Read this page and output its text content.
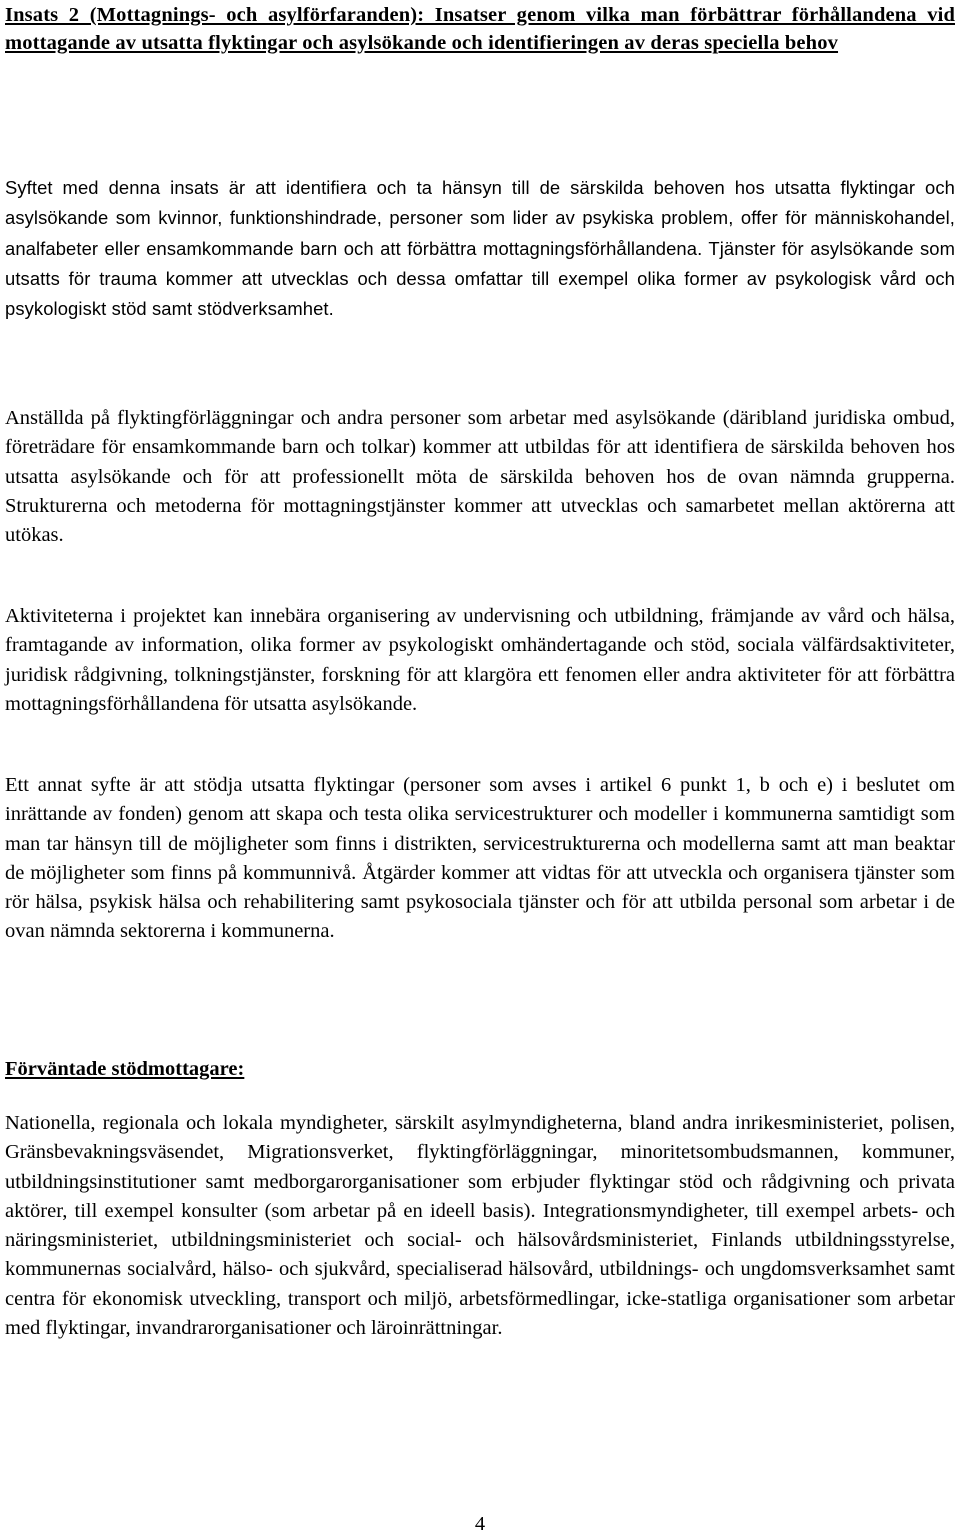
Insats 2 (Mottagnings- och asylförfaranden): Insatser genom vilka man förbättrar förhållandena vid mottagande av utsatta flyktingar och asylsökande och identifieringen av deras speciella behov

Syftet med denna insats är att identifiera och ta hänsyn till de särskilda behoven hos utsatta flyktingar och asylsökande som kvinnor, funktionshindrade, personer som lider av psykiska problem, offer för människohandel, analfabeter eller ensamkommande barn och att förbättra mottagningsförhållandena. Tjänster för asylsökande som utsatts för trauma kommer att utvecklas och dessa omfattar till exempel olika former av psykologisk vård och psykologiskt stöd samt stödverksamhet.

Anställda på flyktingförläggningar och andra personer som arbetar med asylsökande (däribland juridiska ombud, företrädare för ensamkommande barn och tolkar) kommer att utbildas för att identifiera de särskilda behoven hos utsatta asylsökande och för att professionellt möta de särskilda behoven hos de ovan nämnda grupperna. Strukturerna och metoderna för mottagningstjänster kommer att utvecklas och samarbetet mellan aktörerna att utökas.

Aktiviteterna i projektet kan innebära organisering av undervisning och utbildning, främjande av vård och hälsa, framtagande av information, olika former av psykologiskt omhändertagande och stöd, sociala välfärdsaktiviteter, juridisk rådgivning, tolkningstjänster, forskning för att klargöra ett fenomen eller andra aktiviteter för att förbättra mottagningsförhållandena för utsatta asylsökande.

Ett annat syfte är att stödja utsatta flyktingar (personer som avses i artikel 6 punkt 1, b och e) i beslutet om inrättande av fonden) genom att skapa och testa olika servicestrukturer och modeller i kommunerna samtidigt som man tar hänsyn till de möjligheter som finns i distrikten, servicestrukturerna och modellerna samt att man beaktar de möjligheter som finns på kommunnivå. Åtgärder kommer att vidtas för att utveckla och organisera tjänster som rör hälsa, psykisk hälsa och rehabilitering samt psykosociala tjänster och för att utbilda personal som arbetar i de ovan nämnda sektorerna i kommunerna.

Förväntade stödmottagare:

Nationella, regionala och lokala myndigheter, särskilt asylmyndigheterna, bland andra inrikesministeriet, polisen, Gränsbevakningsväsendet, Migrationsverket, flyktingförläggningar, minoritetsombudsmannen, kommuner, utbildningsinstitutioner samt medborgarorganisationer som erbjuder flyktingar stöd och rådgivning och privata aktörer, till exempel konsulter (som arbetar på en ideell basis). Integrationsmyndigheter, till exempel arbets- och näringsministeriet, utbildningsministeriet och social- och hälsovårdsministeriet, Finlands utbildningsstyrelse, kommunernas socialvård, hälso- och sjukvård, specialiserad hälsovård, utbildnings- och ungdomsverksamhet samt centra för ekonomisk utveckling, transport och miljö, arbetsförmedlingar, icke-statliga organisationer som arbetar med flyktingar, invandrarorganisationer och läroinrättningar.

4
